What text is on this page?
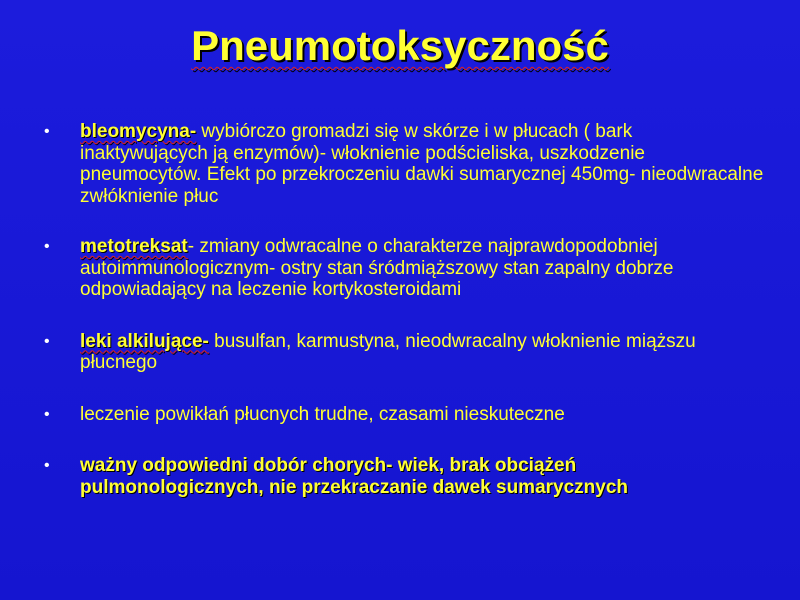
Pneumotoksyczność
• bleomycyna- wybiórczo gromadzi się w skórze i w płucach ( bark inaktywujących ją enzymów)- włoknienie podścieliska, uszkodzenie pneumocytów. Efekt po przekroczeniu dawki sumarycznej 450mg- nieodwracalne zwłóknienie płuc
• metotreksat- zmiany odwracalne o charakterze najprawdopodobniej autoimmunologicznym- ostry stan śródmiąższowy stan zapalny dobrze odpowiadający na leczenie kortykosteroidami
• leki alkilujące- busulfan, karmustyna, nieodwracalny włoknienie miąższu płucnego
• leczenie powikłań płucnych trudne, czasami nieskuteczne
• ważny odpowiedni dobór chorych- wiek, brak obciążeń pulmonologicznych, nie przekraczanie dawek sumarycznych
